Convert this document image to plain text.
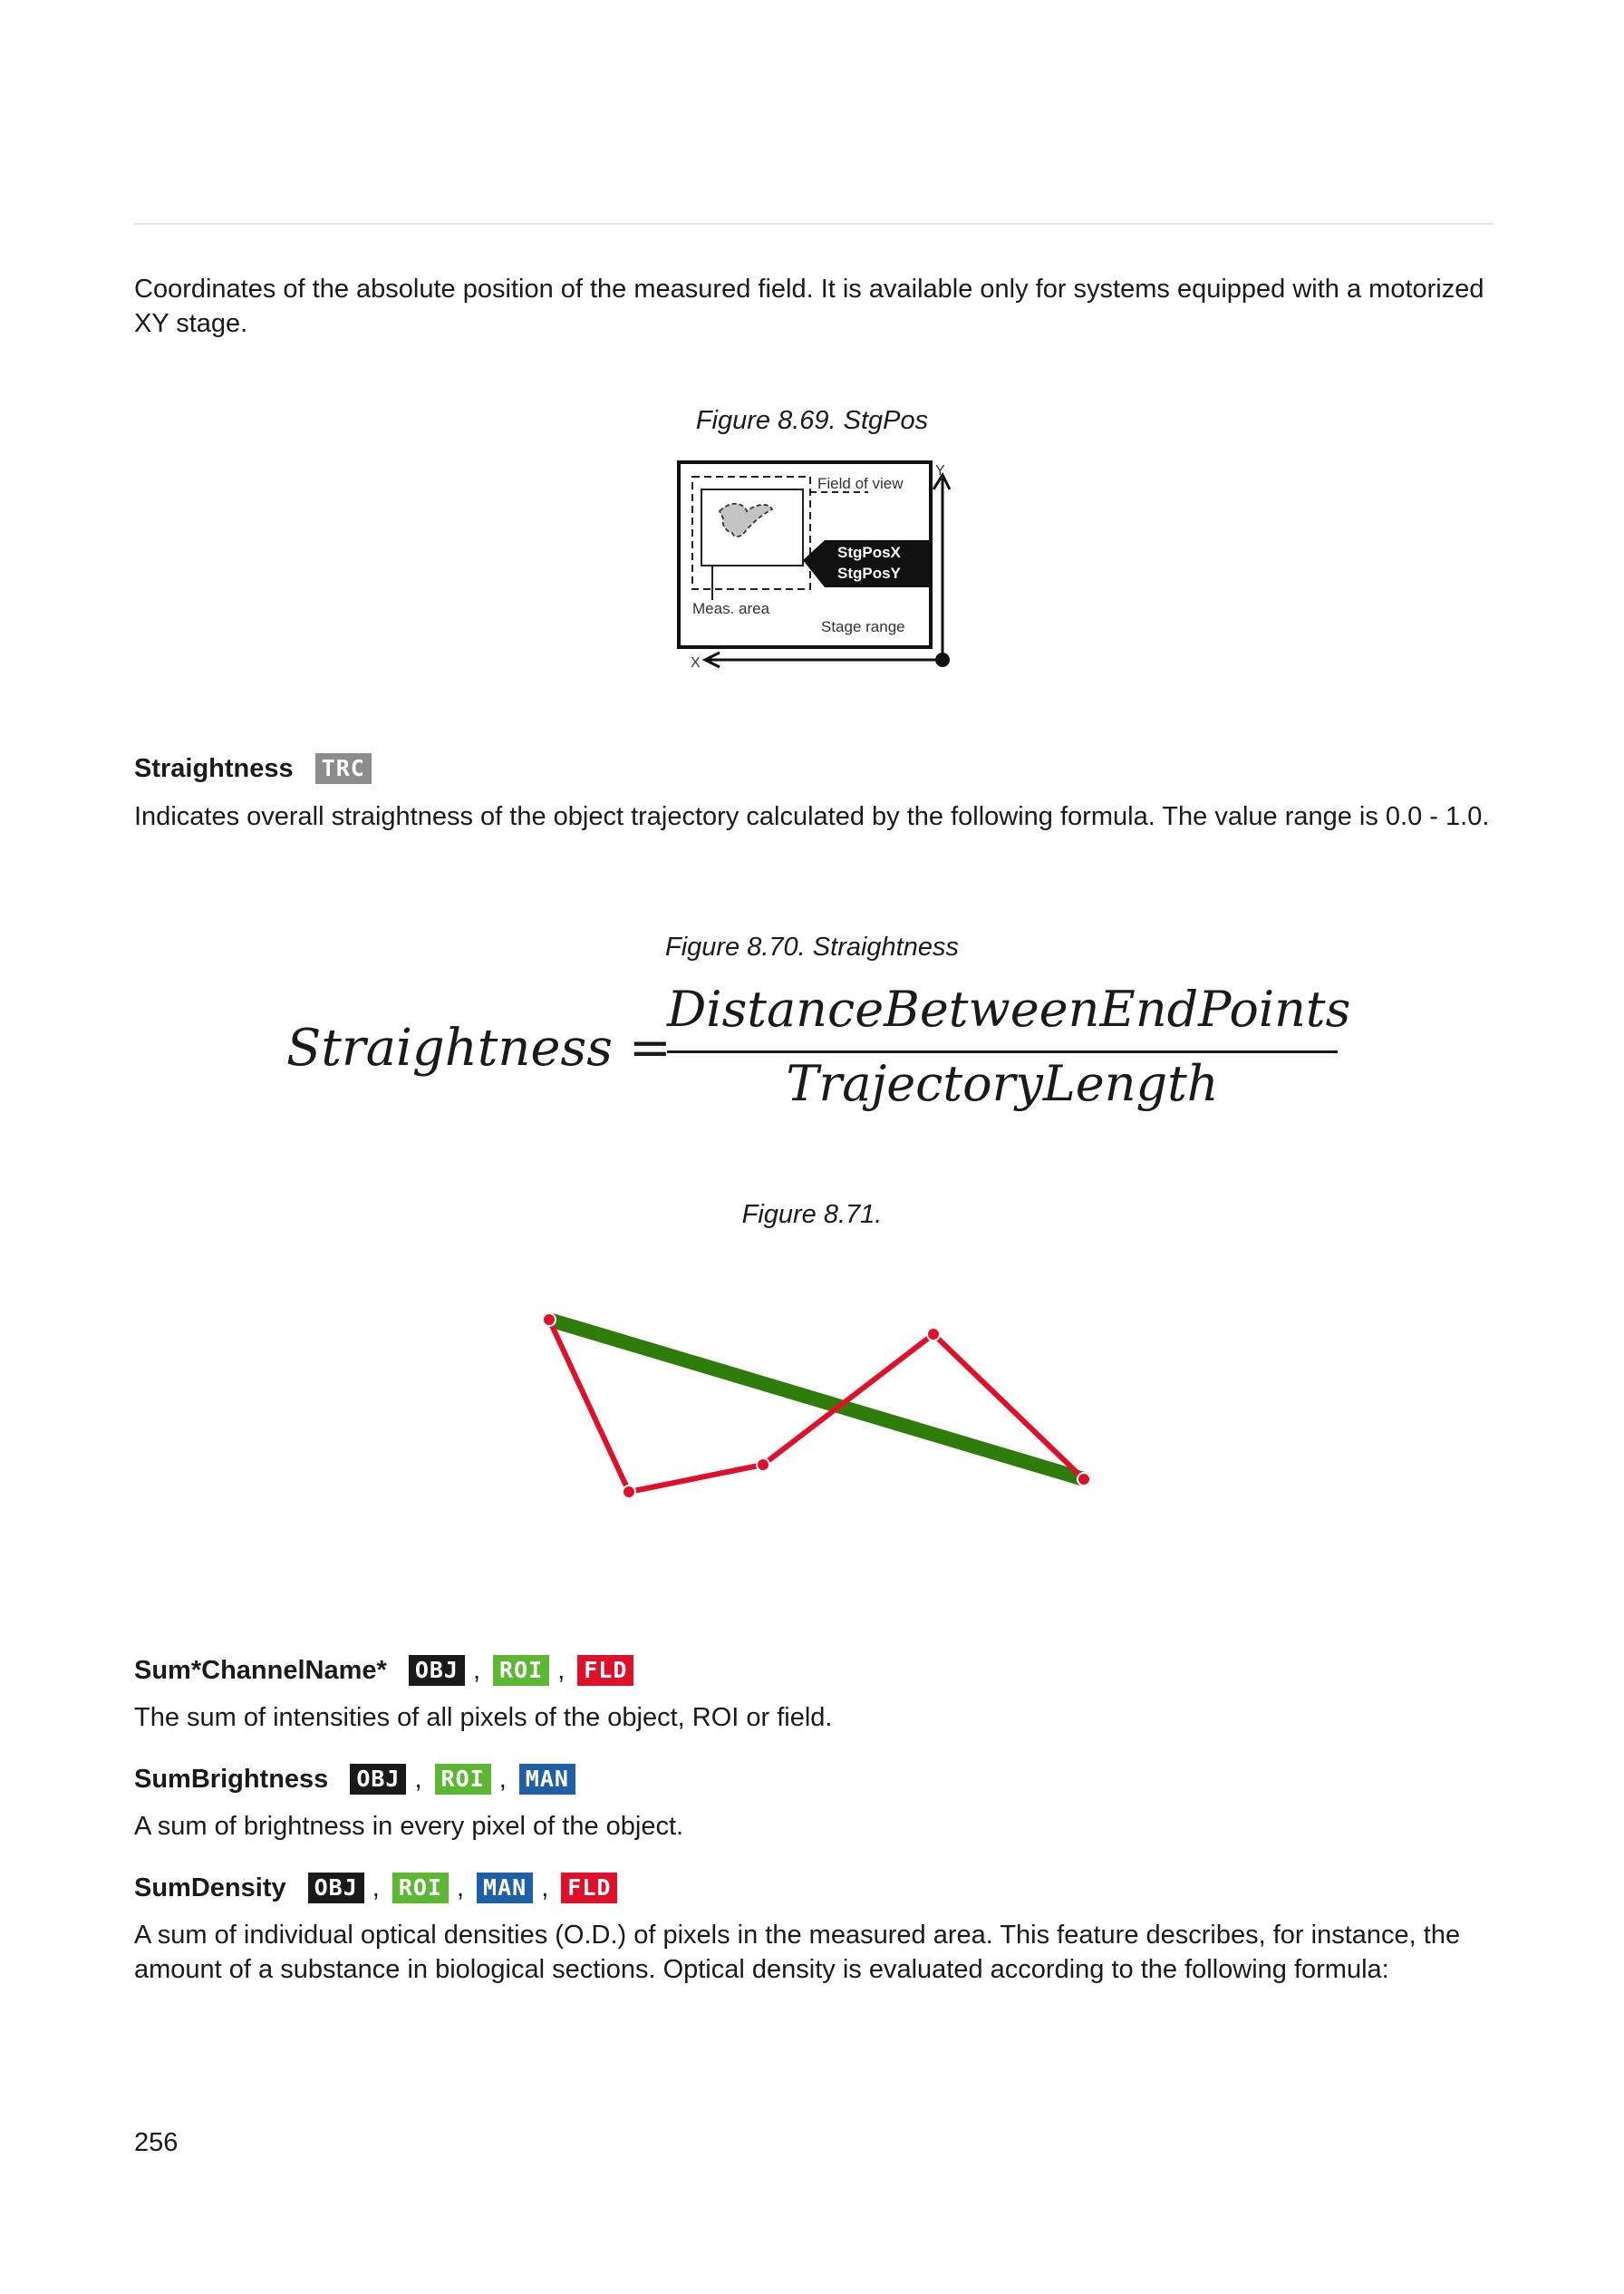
Coordinates of the absolute position of the measured field. It is available only for systems equipped with a motorized XY stage.

Figure 8.69. StgPos

StgPosX
StgPosY
Field of view
Meas. area
Stage range
X
Y
Straightness TRC

Indicates overall straightness of the object trajectory calculated by the following formula. The value range is 0.0 - 1.0.

Figure 8.70. Straightness

Straightness =
DistanceBetweenEndPoints
TrajectoryLength

Figure 8.71.

Sum*ChannelName* OBJ , ROI , FLD

The sum of intensities of all pixels of the object, ROI or field.

SumBrightness OBJ , ROI , MAN

A sum of brightness in every pixel of the object.

SumDensity OBJ , ROI , MAN , FLD

A sum of individual optical densities (O.D.) of pixels in the measured area. This feature describes, for instance, the amount of a substance in biological sections. Optical density is evaluated according to the following formula:

256
